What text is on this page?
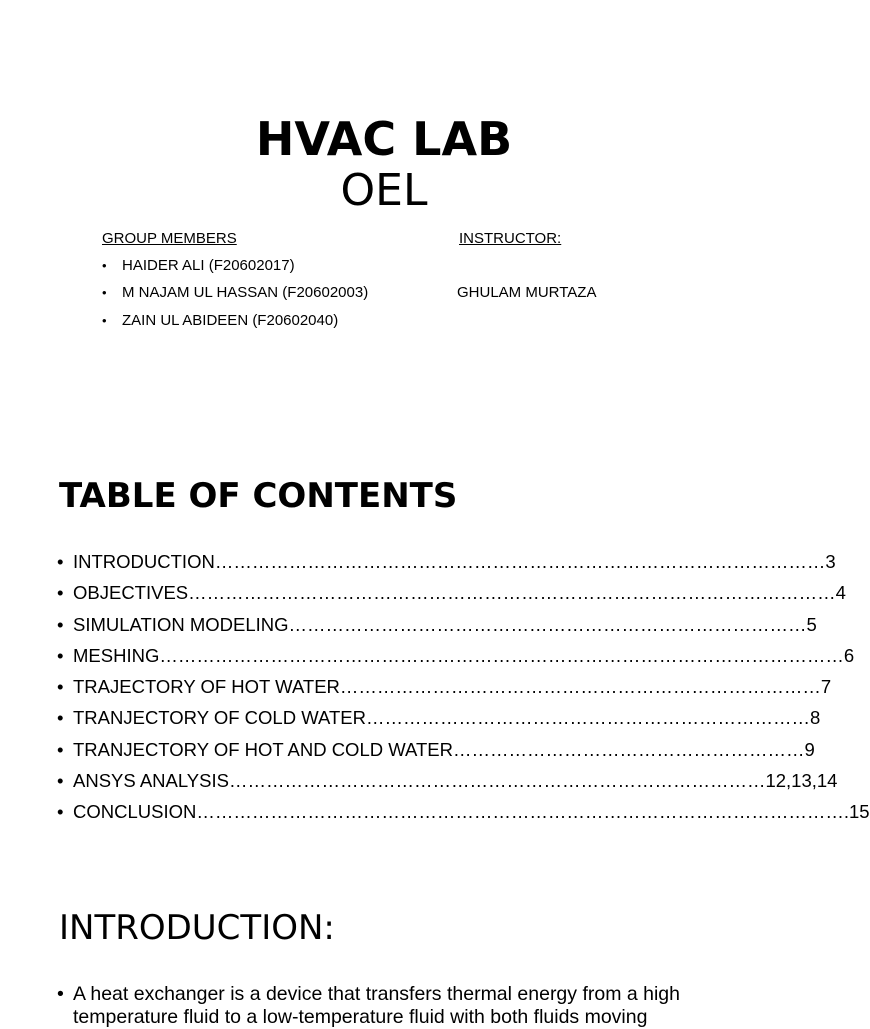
HVAC LAB
OEL
GROUP MEMBERS	INSTRUCTOR:
• HAIDER ALI (F20602017)
• M NAJAM UL HASSAN (F20602003)
• ZAIN UL ABIDEEN (F20602040)
GHULAM MURTAZA
TABLE OF CONTENTS
• INTRODUCTION………………………………………………………………………………………3
• OBJECTIVES……………………………………………………………………………………………4
• SIMULATION MODELING…………………………………………………………………………5
• MESHING…………………………………………………………………………………………………6
• TRAJECTORY OF HOT WATER……………………………………………………………………7
• TRANJECTORY OF COLD WATER………………………………………………………………8
• TRANJECTORY OF HOT AND COLD WATER…………………………………………………9
• ANSYS ANALYSIS……………………………………………………………………………12,13,14
• CONCLUSION…………………………………………………………………………………………….15
INTRODUCTION:
• A heat exchanger is a device that transfers thermal energy from a high temperature fluid to a low-temperature fluid with both fluids moving
